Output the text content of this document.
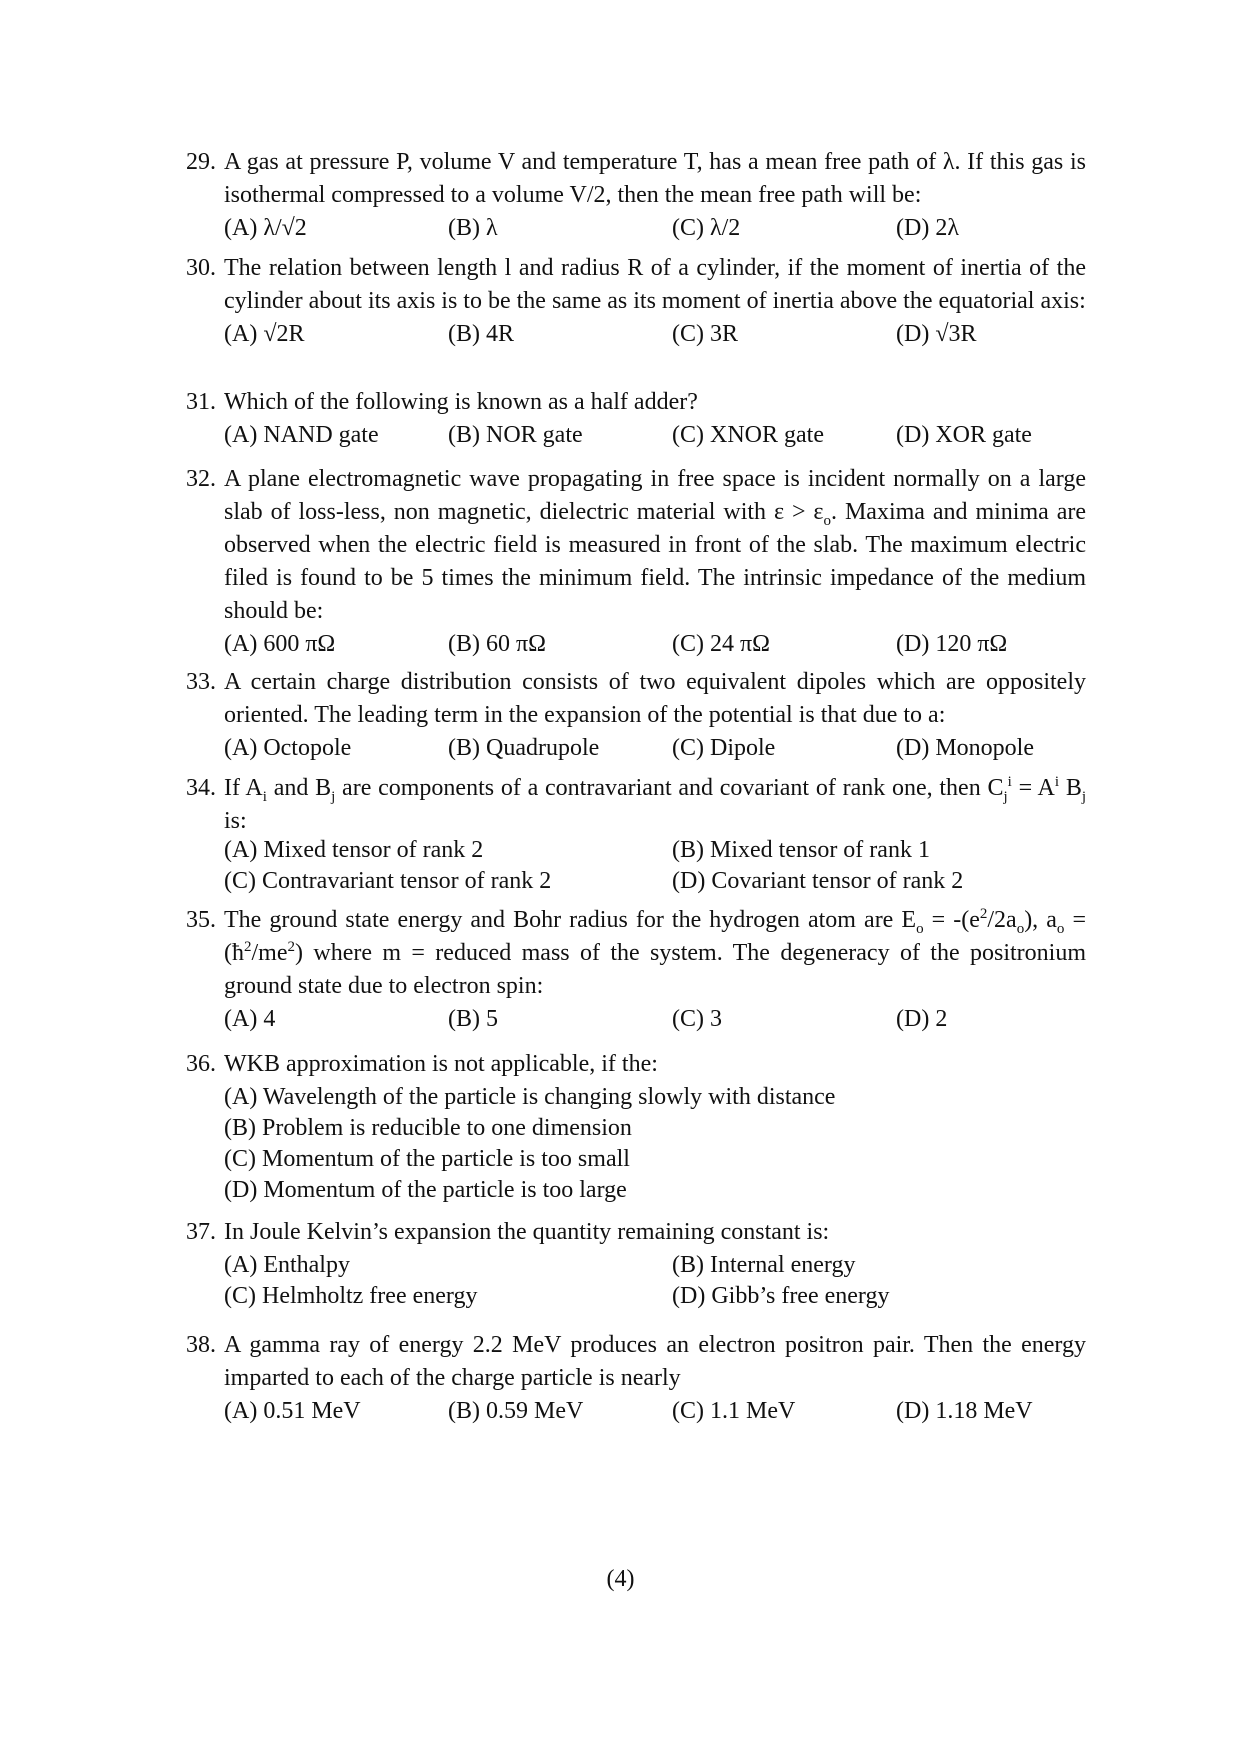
29. A gas at pressure P, volume V and temperature T, has a mean free path of λ. If this gas is isothermal compressed to a volume V/2, then the mean free path will be:
(A) λ/√2	(B) λ	(C) λ/2	(D) 2λ
30. The relation between length l and radius R of a cylinder, if the moment of inertia of the cylinder about its axis is to be the same as its moment of inertia above the equatorial axis:
(A) √2R	(B) 4R	(C) 3R	(D) √3R
31. Which of the following is known as a half adder?
(A) NAND gate	(B) NOR gate	(C) XNOR gate	(D) XOR gate
32. A plane electromagnetic wave propagating in free space is incident normally on a large slab of loss-less, non magnetic, dielectric material with $\varepsilon > \varepsilon_o$. Maxima and minima are observed when the electric field is measured in front of the slab. The maximum electric filed is found to be 5 times the minimum field. The intrinsic impedance of the medium should be:
(A) 600 πΩ	(B) 60 πΩ	(C) 24 πΩ	(D) 120 πΩ
33. A certain charge distribution consists of two equivalent dipoles which are oppositely oriented. The leading term in the expansion of the potential is that due to a:
(A) Octopole	(B) Quadrupole	(C) Dipole	(D) Monopole
34. If $A_i$ and $B_j$ are components of a contravariant and covariant of rank one, then $C_j^i = A^i$ $B_j$ is:
(A) Mixed tensor of rank 2	(B) Mixed tensor of rank 1
(C) Contravariant tensor of rank 2	(D) Covariant tensor of rank 2
35. The ground state energy and Bohr radius for the hydrogen atom are $E_o = -(e^2/2a_o)$, $a_o$ = $(ħ^2/me^2)$ where m = reduced mass of the system. The degeneracy of the positronium ground state due to electron spin:
(A) 4	(B) 5	(C) 3	(D) 2
36. WKB approximation is not applicable, if the:
(A) Wavelength of the particle is changing slowly with distance
(B) Problem is reducible to one dimension
(C) Momentum of the particle is too small
(D) Momentum of the particle is too large
37. In Joule Kelvin’s expansion the quantity remaining constant is:
(A) Enthalpy	(B) Internal energy
(C) Helmholtz free energy	(D) Gibb’s free energy
38. A gamma ray of energy 2.2 MeV produces an electron positron pair. Then the energy imparted to each of the charge particle is nearly
(A) 0.51 MeV	(B) 0.59 MeV	(C) 1.1 MeV	(D) 1.18 MeV
(4)
